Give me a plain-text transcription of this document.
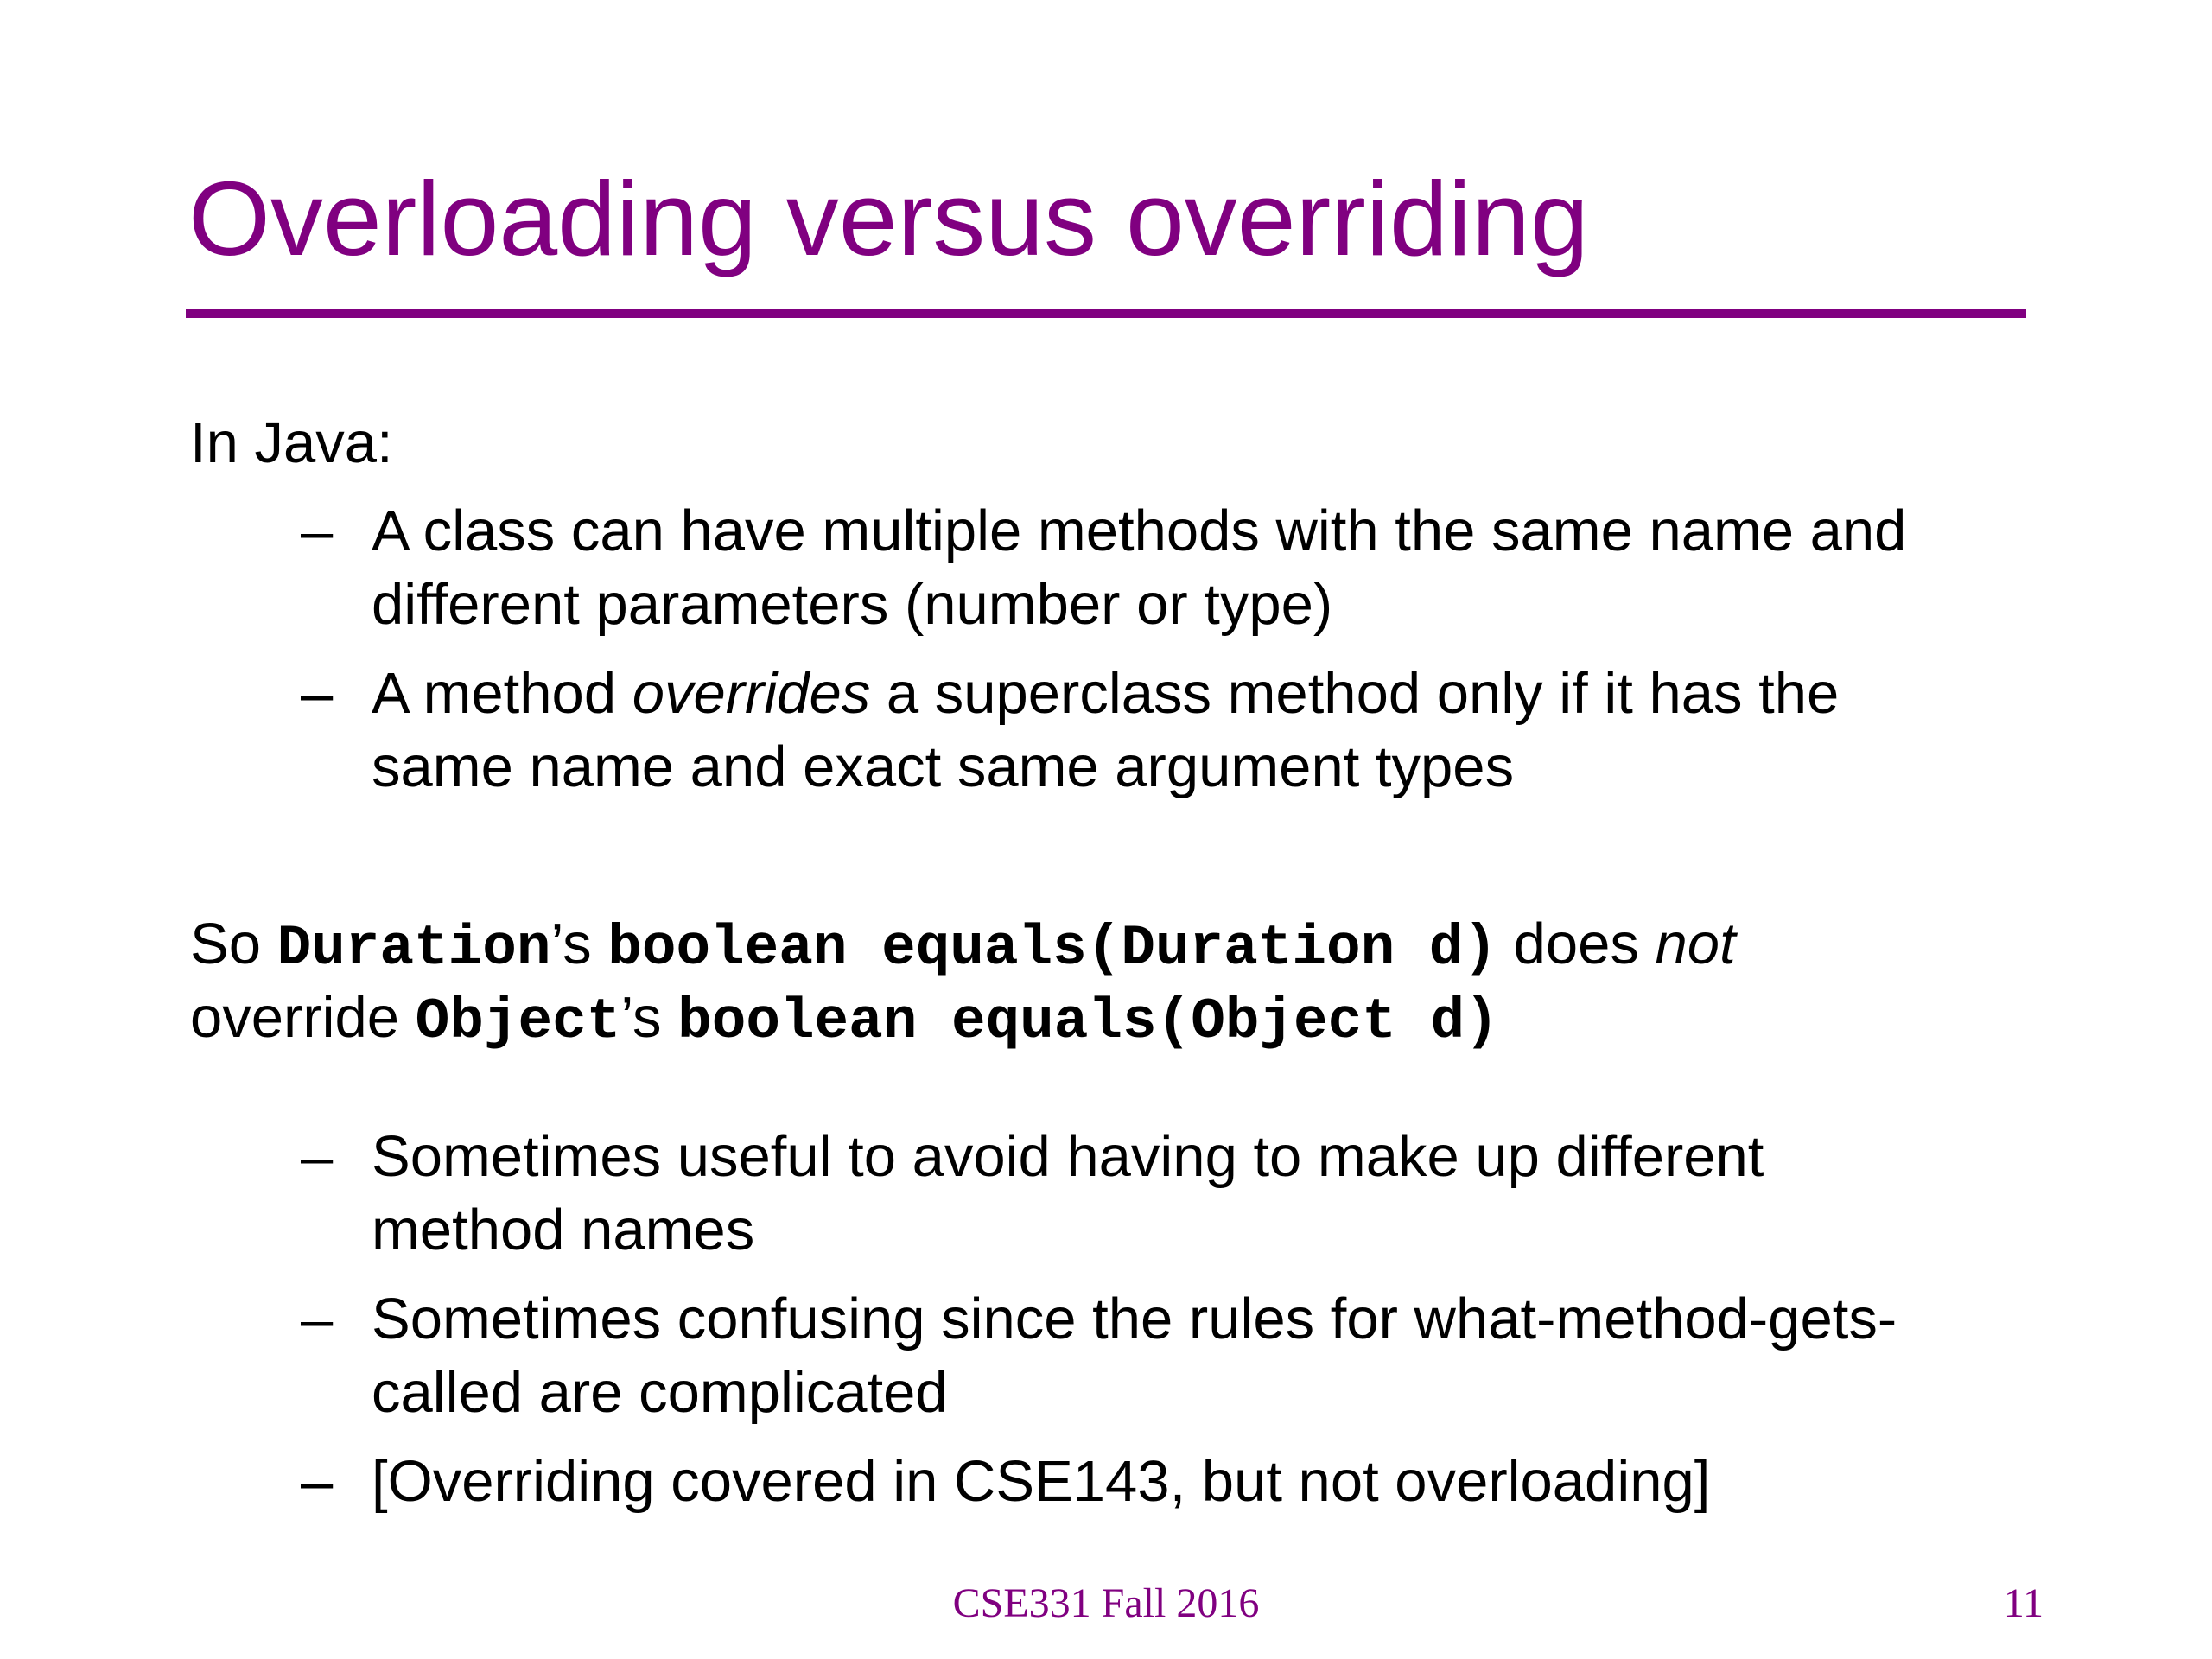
Overloading versus overriding
In Java:
– A class can have multiple methods with the same name and
different parameters (number or type)
– A method overrides a superclass method only if it has the
same name and exact same argument types
So Duration’s boolean equals(Duration d) does not
override Object’s boolean equals(Object d)
– Sometimes useful to avoid having to make up different
method names
– Sometimes confusing since the rules for what-method-gets-
called are complicated
– [Overriding covered in CSE143, but not overloading]
CSE331 Fall 2016	11
